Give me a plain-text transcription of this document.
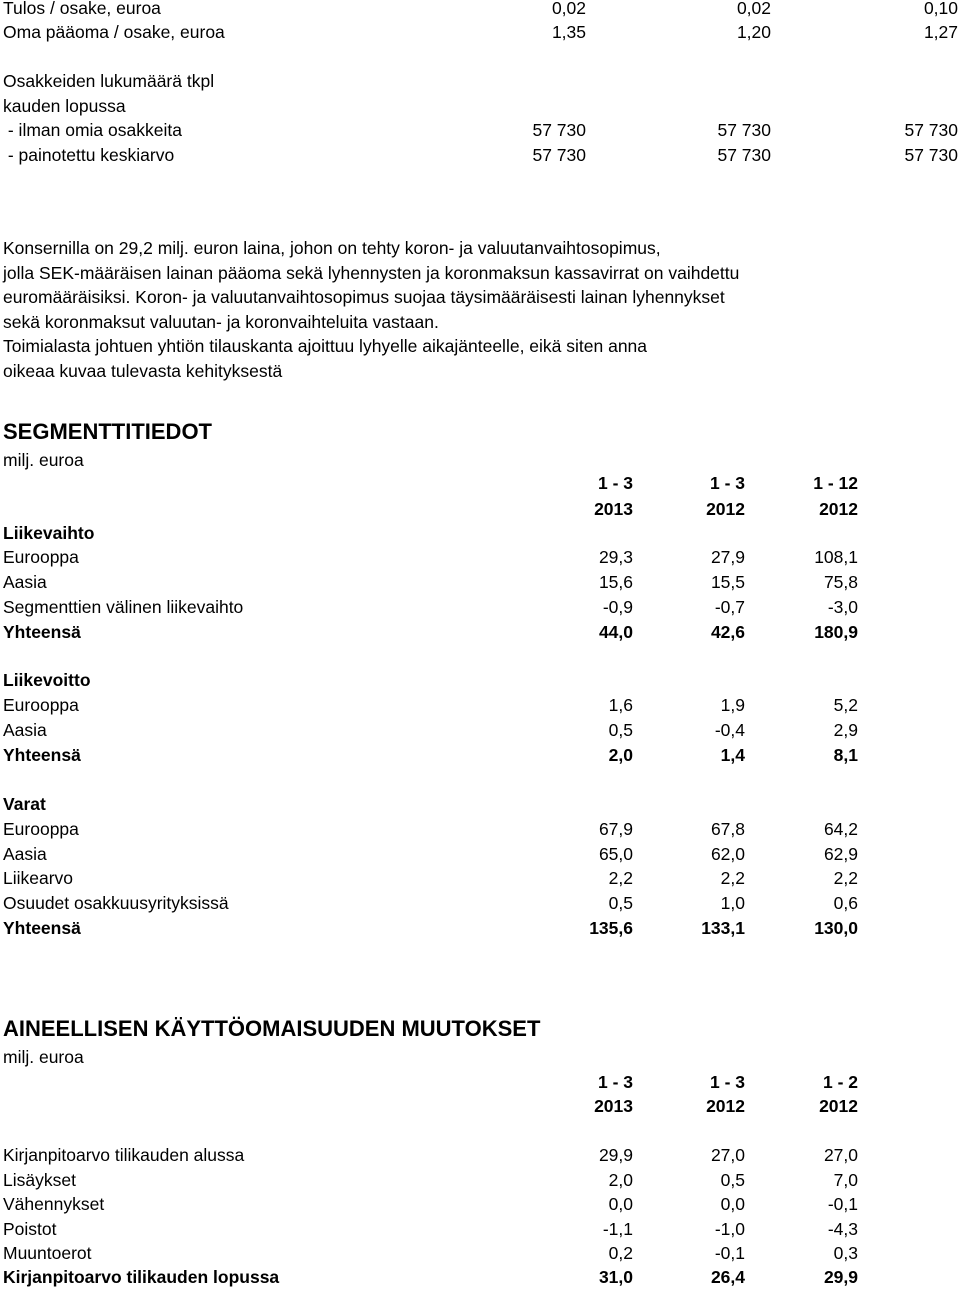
Tulos / osake, euroa	0,02	0,02	0,10
Oma pääoma / osake, euroa	1,35	1,20	1,27
Osakkeiden lukumäärä tkpl
kauden lopussa
- ilman omia osakkeita	57 730	57 730	57 730
- painotettu keskiarvo	57 730	57 730	57 730
Konsernilla on 29,2 milj. euron laina, johon on tehty koron- ja valuutanvaihtosopimus,
jolla SEK-määräisen lainan pääoma sekä lyhennysten ja koronmaksun kassavirrat on vaihdettu
euromääräisiksi. Koron- ja valuutanvaihtosopimus suojaa täysimääräisesti lainan lyhennykset
sekä koronmaksut valuutan- ja koronvaihteluita vastaan.
Toimialasta johtuen yhtiön tilauskanta ajoittuu lyhyelle aikajänteelle, eikä siten anna
oikeaa kuvaa tulevasta kehityksestä
SEGMENTTITIEDOT
milj. euroa
1 - 3	1 - 3	1 - 12
2013	2012	2012
Liikevaihto
Eurooppa	29,3	27,9	108,1
Aasia	15,6	15,5	75,8
Segmenttien välinen liikevaihto	-0,9	-0,7	-3,0
Yhteensä	44,0	42,6	180,9
Liikevoitto
Eurooppa	1,6	1,9	5,2
Aasia	0,5	-0,4	2,9
Yhteensä	2,0	1,4	8,1
Varat
Eurooppa	67,9	67,8	64,2
Aasia	65,0	62,0	62,9
Liikearvo	2,2	2,2	2,2
Osuudet osakkuusyrityksissä	0,5	1,0	0,6
Yhteensä	135,6	133,1	130,0
AINEELLISEN KÄYTTÖOMAISUUDEN MUUTOKSET
milj. euroa
1 - 3	1 - 3	1 - 2
2013	2012	2012
Kirjanpitoarvo tilikauden alussa	29,9	27,0	27,0
Lisäykset	2,0	0,5	7,0
Vähennykset	0,0	0,0	-0,1
Poistot	-1,1	-1,0	-4,3
Muuntoerot	0,2	-0,1	0,3
Kirjanpitoarvo tilikauden lopussa	31,0	26,4	29,9
